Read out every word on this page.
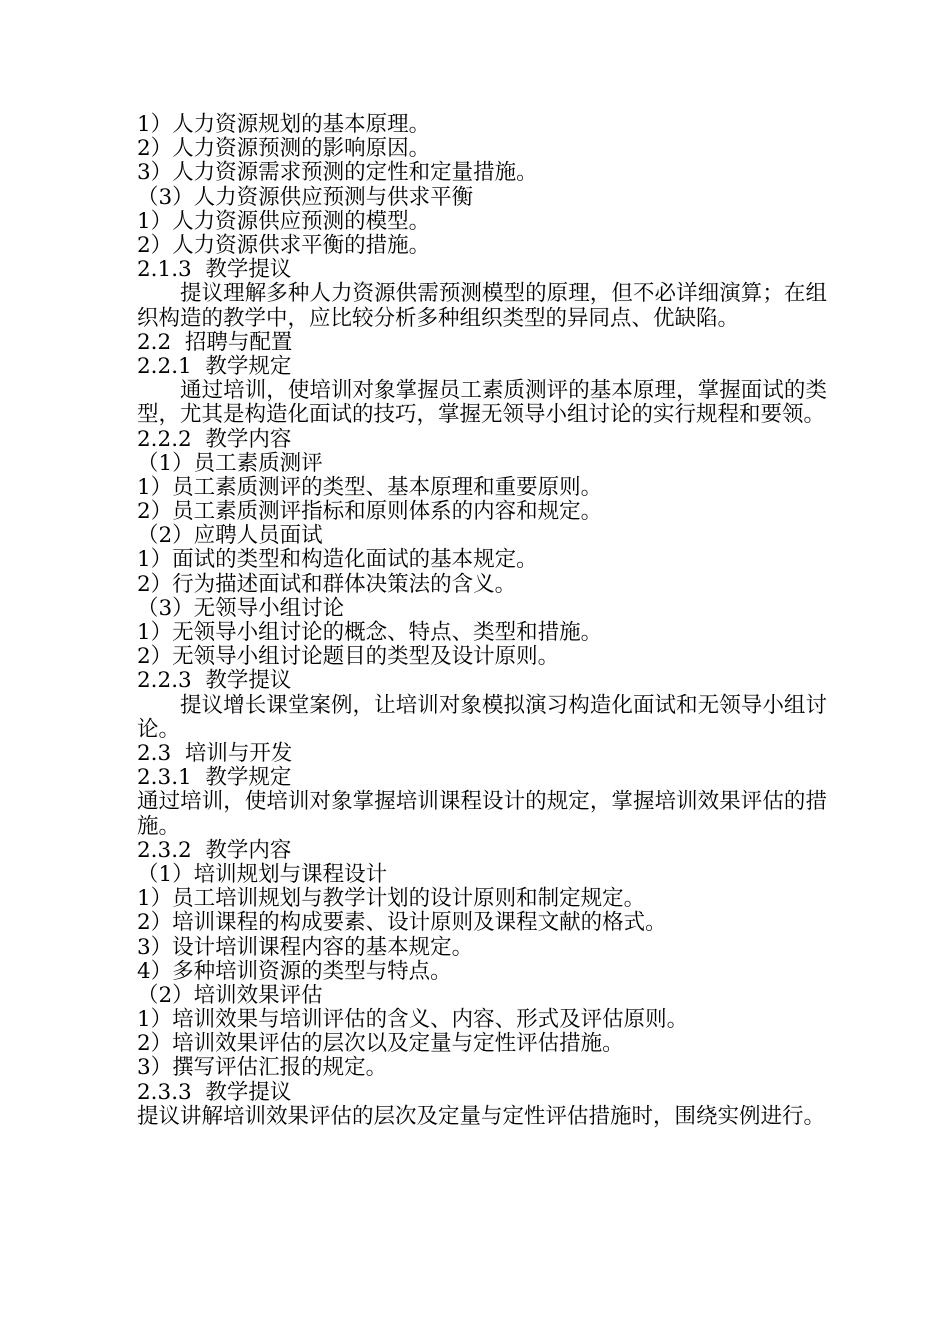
1）人力资源规划的基本原理。
2）人力资源预测的影响原因。
3）人力资源需求预测的定性和定量措施。
（3）人力资源供应预测与供求平衡
1）人力资源供应预测的模型。
2）人力资源供求平衡的措施。
2.1.3  教学提议
提议理解多种人力资源供需预测模型的原理，但不必详细演算；在组织构造的教学中，应比较分析多种组织类型的异同点、优缺陷。
2.2  招聘与配置
2.2.1  教学规定
通过培训，使培训对象掌握员工素质测评的基本原理，掌握面试的类型，尤其是构造化面试的技巧，掌握无领导小组讨论的实行规程和要领。
2.2.2  教学内容
（1）员工素质测评
1）员工素质测评的类型、基本原理和重要原则。
2）员工素质测评指标和原则体系的内容和规定。
（2）应聘人员面试
1）面试的类型和构造化面试的基本规定。
2）行为描述面试和群体决策法的含义。
（3）无领导小组讨论
1）无领导小组讨论的概念、特点、类型和措施。
2）无领导小组讨论题目的类型及设计原则。
2.2.3  教学提议
提议增长课堂案例，让培训对象模拟演习构造化面试和无领导小组讨论。
2.3  培训与开发
2.3.1  教学规定
通过培训，使培训对象掌握培训课程设计的规定，掌握培训效果评估的措施。
2.3.2  教学内容
（1）培训规划与课程设计
1）员工培训规划与教学计划的设计原则和制定规定。
2）培训课程的构成要素、设计原则及课程文献的格式。
3）设计培训课程内容的基本规定。
4）多种培训资源的类型与特点。
（2）培训效果评估
1）培训效果与培训评估的含义、内容、形式及评估原则。
2）培训效果评估的层次以及定量与定性评估措施。
3）撰写评估汇报的规定。
2.3.3  教学提议
提议讲解培训效果评估的层次及定量与定性评估措施时，围绕实例进行。
